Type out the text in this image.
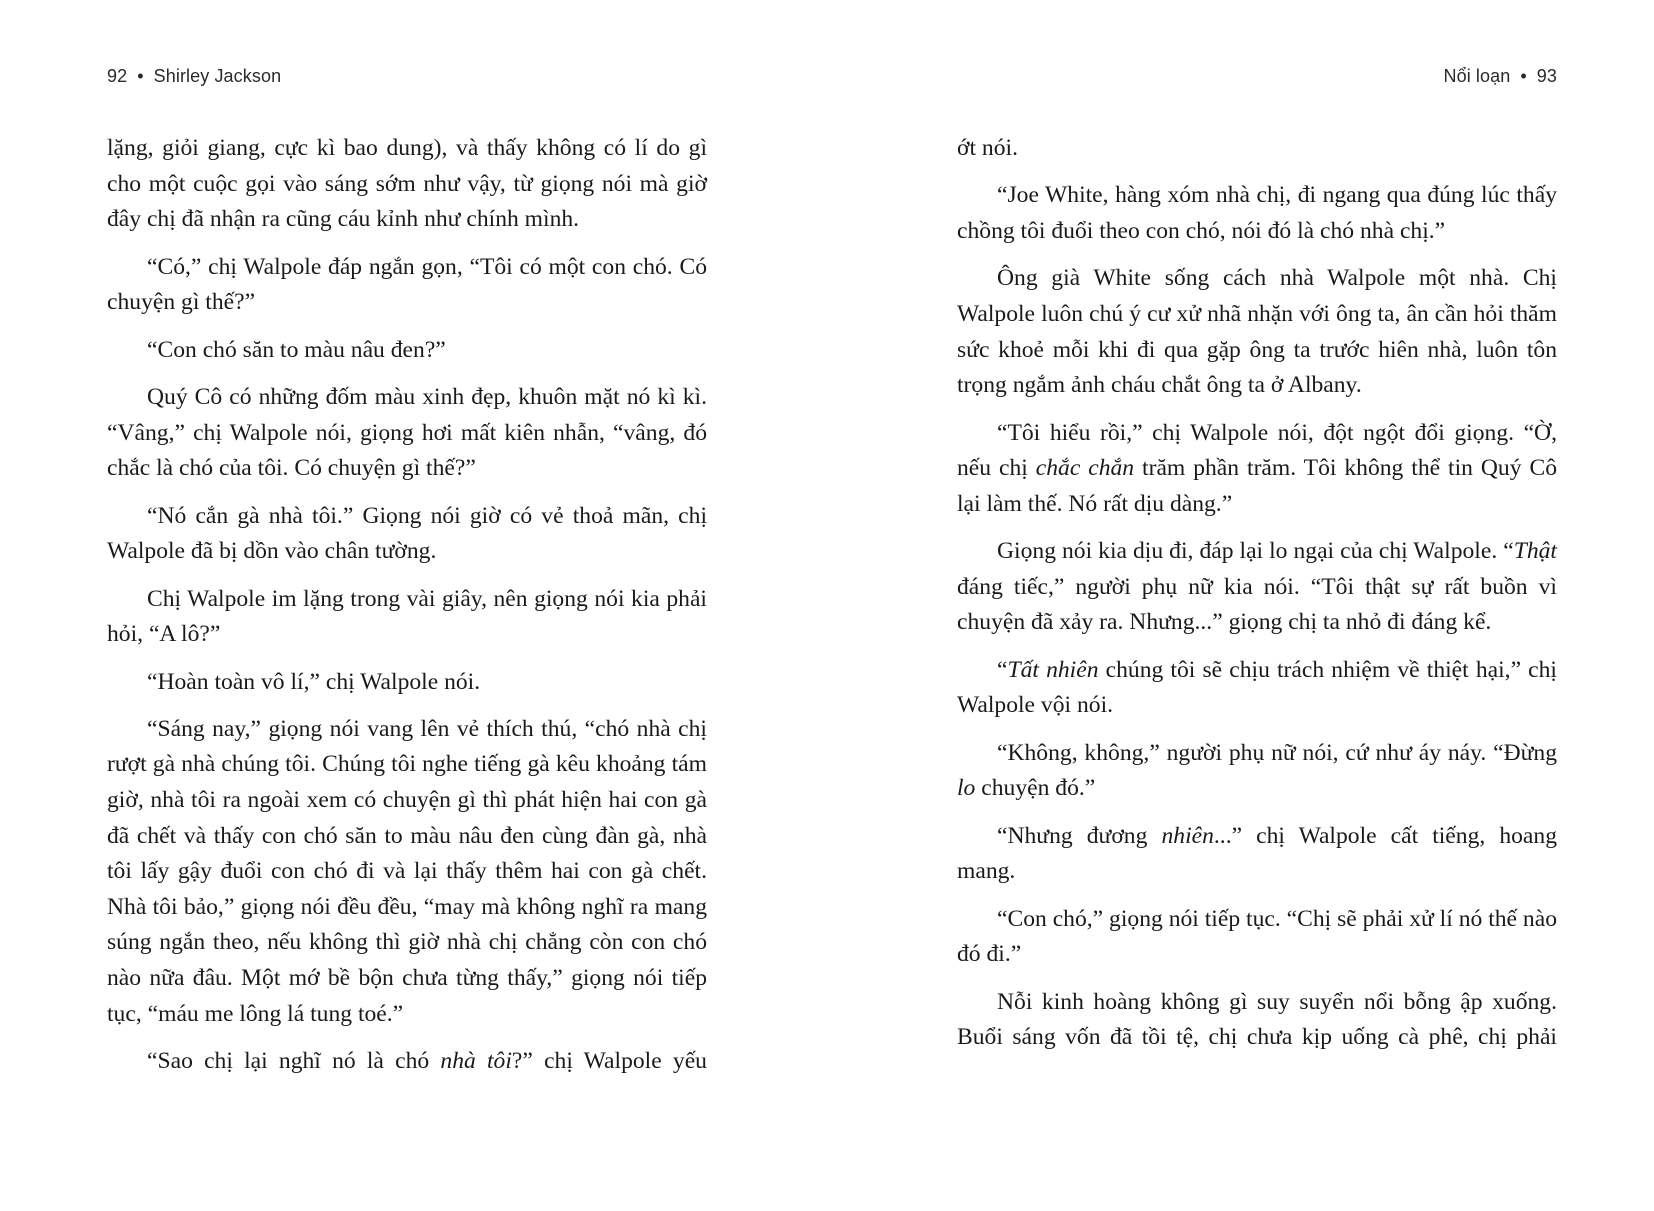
92 • Shirley Jackson

lặng, giỏi giang, cực kì bao dung), và thấy không có lí do gì cho một cuộc gọi vào sáng sớm như vậy, từ giọng nói mà giờ đây chị đã nhận ra cũng cáu kỉnh như chính mình.

“Có,” chị Walpole đáp ngắn gọn, “Tôi có một con chó. Có chuyện gì thế?”

“Con chó săn to màu nâu đen?”

Quý Cô có những đốm màu xinh đẹp, khuôn mặt nó kì kì. “Vâng,” chị Walpole nói, giọng hơi mất kiên nhẫn, “vâng, đó chắc là chó của tôi. Có chuyện gì thế?”

“Nó cắn gà nhà tôi.” Giọng nói giờ có vẻ thoả mãn, chị Walpole đã bị dồn vào chân tường.

Chị Walpole im lặng trong vài giây, nên giọng nói kia phải hỏi, “A lô?”

“Hoàn toàn vô lí,” chị Walpole nói.

“Sáng nay,” giọng nói vang lên vẻ thích thú, “chó nhà chị rượt gà nhà chúng tôi. Chúng tôi nghe tiếng gà kêu khoảng tám giờ, nhà tôi ra ngoài xem có chuyện gì thì phát hiện hai con gà đã chết và thấy con chó săn to màu nâu đen cùng đàn gà, nhà tôi lấy gậy đuổi con chó đi và lại thấy thêm hai con gà chết. Nhà tôi bảo,” giọng nói đều đều, “may mà không nghĩ ra mang súng ngắn theo, nếu không thì giờ nhà chị chẳng còn con chó nào nữa đâu. Một mớ bề bộn chưa từng thấy,” giọng nói tiếp tục, “máu me lông lá tung toé.”

“Sao chị lại nghĩ nó là chó nhà tôi?” chị Walpole yếu

Nổi loạn • 93

ớt nói.

“Joe White, hàng xóm nhà chị, đi ngang qua đúng lúc thấy chồng tôi đuổi theo con chó, nói đó là chó nhà chị.”

Ông già White sống cách nhà Walpole một nhà. Chị Walpole luôn chú ý cư xử nhã nhặn với ông ta, ân cần hỏi thăm sức khoẻ mỗi khi đi qua gặp ông ta trước hiên nhà, luôn tôn trọng ngắm ảnh cháu chắt ông ta ở Albany.

“Tôi hiểu rồi,” chị Walpole nói, đột ngột đổi giọng. “Ờ, nếu chị chắc chắn trăm phần trăm. Tôi không thể tin Quý Cô lại làm thế. Nó rất dịu dàng.”

Giọng nói kia dịu đi, đáp lại lo ngại của chị Walpole. “Thật đáng tiếc,” người phụ nữ kia nói. “Tôi thật sự rất buồn vì chuyện đã xảy ra. Nhưng...” giọng chị ta nhỏ đi đáng kể.

“Tất nhiên chúng tôi sẽ chịu trách nhiệm về thiệt hại,” chị Walpole vội nói.

“Không, không,” người phụ nữ nói, cứ như áy náy. “Đừng lo chuyện đó.”

“Nhưng đương nhiên...” chị Walpole cất tiếng, hoang mang.

“Con chó,” giọng nói tiếp tục. “Chị sẽ phải xử lí nó thế nào đó đi.”

Nỗi kinh hoàng không gì suy suyển nổi bỗng ập xuống. Buổi sáng vốn đã tồi tệ, chị chưa kịp uống cà phê, chị phải
